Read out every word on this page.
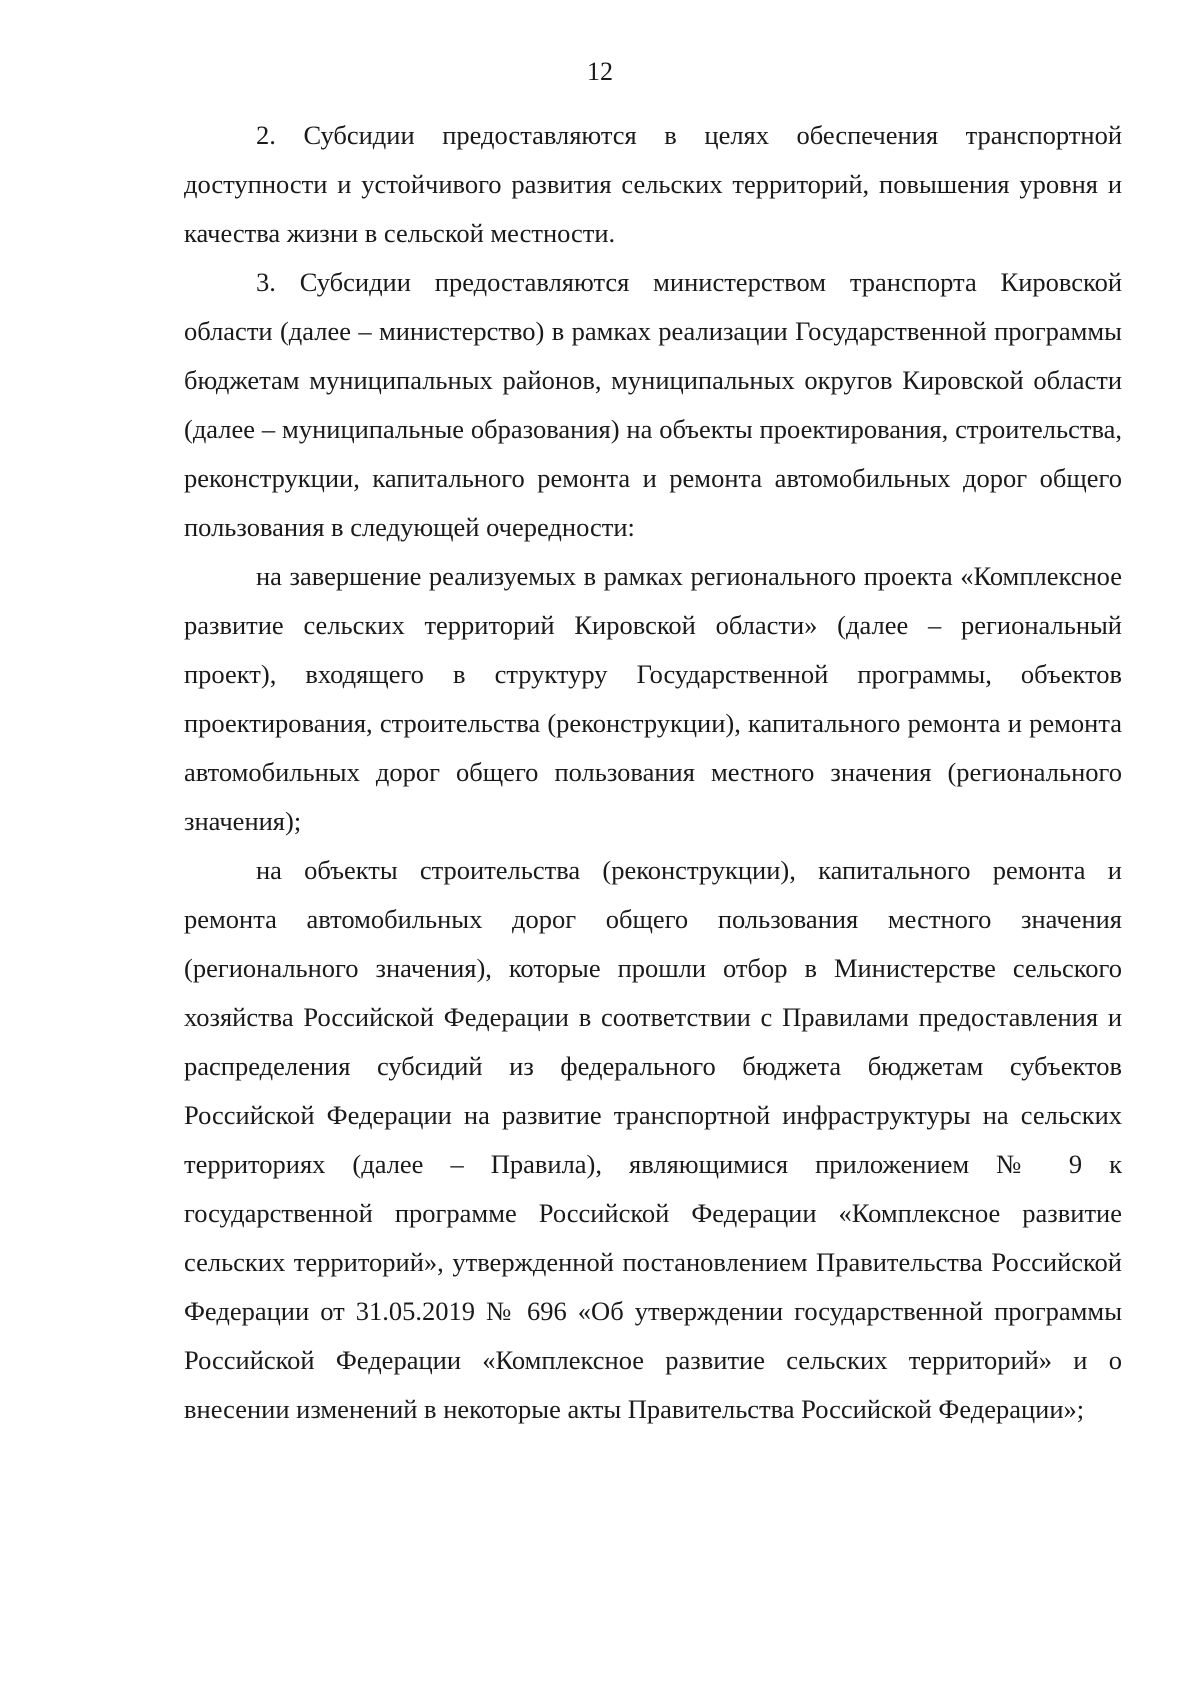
12

2. Субсидии предоставляются в целях обеспечения транспортной доступности и устойчивого развития сельских территорий, повышения уровня и качества жизни в сельской местности.

3. Субсидии предоставляются министерством транспорта Кировской области (далее – министерство) в рамках реализации Государственной программы бюджетам муниципальных районов, муниципальных округов Кировской области (далее – муниципальные образования) на объекты проектирования, строительства, реконструкции, капитального ремонта и ремонта автомобильных дорог общего пользования в следующей очередности:

на завершение реализуемых в рамках регионального проекта «Комплексное развитие сельских территорий Кировской области» (далее – региональный проект), входящего в структуру Государственной программы, объектов проектирования, строительства (реконструкции), капитального ремонта и ремонта автомобильных дорог общего пользования местного значения (регионального значения);

на объекты строительства (реконструкции), капитального ремонта и ремонта автомобильных дорог общего пользования местного значения (регионального значения), которые прошли отбор в Министерстве сельского хозяйства Российской Федерации в соответствии с Правилами предоставления и распределения субсидий из федерального бюджета бюджетам субъектов Российской Федерации на развитие транспортной инфраструктуры на сельских территориях (далее – Правила), являющимися приложением № 9 к государственной программе Российской Федерации «Комплексное развитие сельских территорий», утвержденной постановлением Правительства Российской Федерации от 31.05.2019 № 696 «Об утверждении государственной программы Российской Федерации «Комплексное развитие сельских территорий» и о внесении изменений в некоторые акты Правительства Российской Федерации»;
